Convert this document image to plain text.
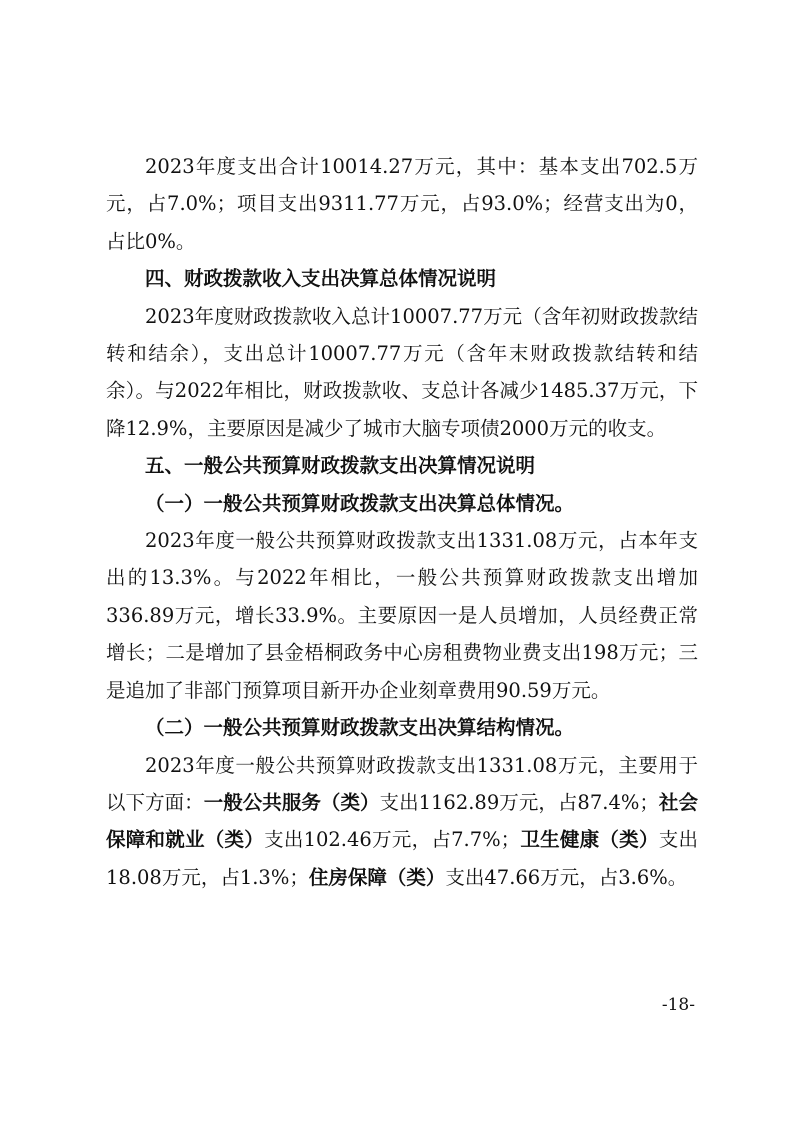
2023年度支出合计10014.27万元，其中：基本支出702.5万元，占7.0%；项目支出9311.77万元，占93.0%；经营支出为0，占比0%。

四、财政拨款收入支出决算总体情况说明

2023年度财政拨款收入总计10007.77万元（含年初财政拨款结转和结余），支出总计10007.77万元（含年末财政拨款结转和结余）。与2022年相比，财政拨款收、支总计各减少1485.37万元，下降12.9%，主要原因是减少了城市大脑专项债2000万元的收支。

五、一般公共预算财政拨款支出决算情况说明

（一）一般公共预算财政拨款支出决算总体情况。

2023年度一般公共预算财政拨款支出1331.08万元，占本年支出的13.3%。与2022年相比，一般公共预算财政拨款支出增加336.89万元，增长33.9%。主要原因一是人员增加，人员经费正常增长；二是增加了县金梧桐政务中心房租费物业费支出198万元；三是追加了非部门预算项目新开办企业刻章费用90.59万元。

（二）一般公共预算财政拨款支出决算结构情况。

2023年度一般公共预算财政拨款支出1331.08万元，主要用于以下方面：一般公共服务（类）支出1162.89万元，占87.4%；社会保障和就业（类）支出102.46万元，占7.7%；卫生健康（类）支出18.08万元，占1.3%；住房保障（类）支出47.66万元，占3.6%。

-18-
